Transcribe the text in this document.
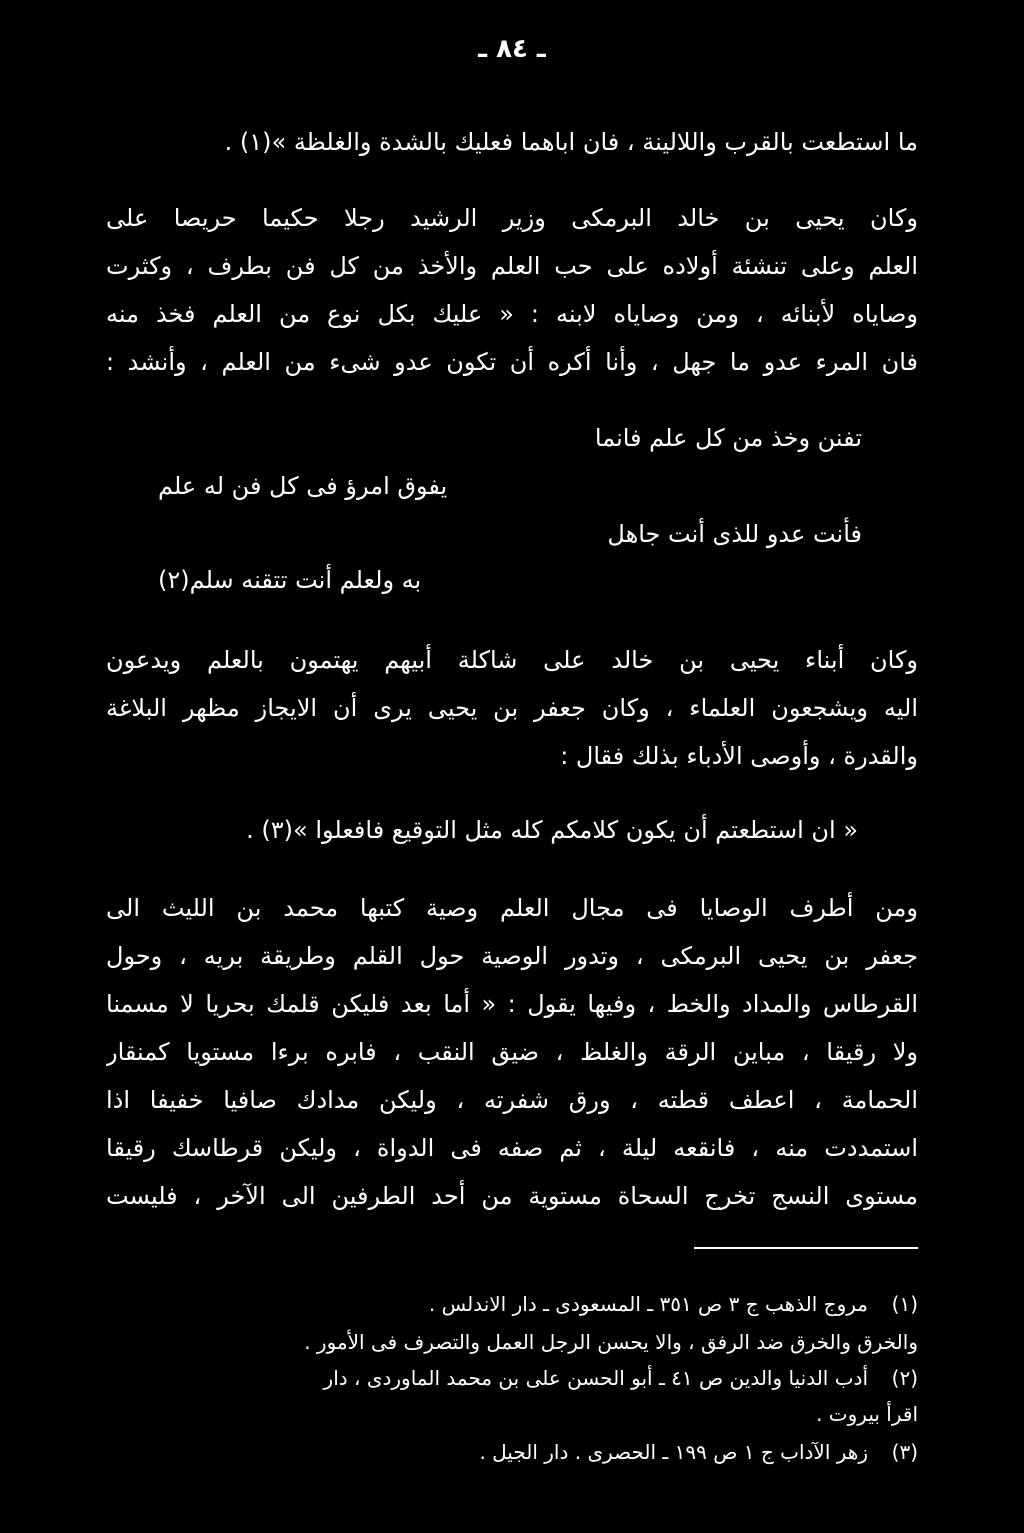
ـ ٨٤ ـ
ما استطعت بالقرب واللالينة ، فان اباهما فعليك بالشدة والغلظة »(١) .
وكان يحيى بن خالد البرمكى وزير الرشيد رجلا حكيما حريصا على
العلم وعلى تنشئة أولاده على حب العلم والأخذ من كل فن بطرف ، وكثرت
وصاياه لأبنائه ، ومن وصاياه لابنه : « عليك بكل نوع من العلم فخذ منه
فان المرء عدو ما جهل ، وأنا أكره أن تكون عدو شىء من العلم ، وأنشد :
تفنن وخذ من كل علم فانما
يفوق امرؤ فى كل فن له علم
فأنت عدو للذى أنت جاهل
به ولعلم أنت تتقنه سلم(٢)
وكان أبناء يحيى بن خالد على شاكلة أبيهم يهتمون بالعلم ويدعون
اليه ويشجعون العلماء ، وكان جعفر بن يحيى يرى أن الايجاز مظهر البلاغة
والقدرة ، وأوصى الأدباء بذلك فقال :
« ان استطعتم أن يكون كلامكم كله مثل التوقيع فافعلوا »(٣) .
ومن أطرف الوصايا فى مجال العلم وصية كتبها محمد بن الليث الى
جعفر بن يحيى البرمكى ، وتدور الوصية حول القلم وطريقة بريه ، وحول
القرطاس والمداد والخط ، وفيها يقول : « أما بعد فليكن قلمك بحريا لا مسمنا
ولا رقيقا ، مباين الرقة والغلظ ، ضيق النقب ، فابره برءا مستويا كمنقار
الحمامة ، اعطف قطته ، ورق شفرته ، وليكن مدادك صافيا خفيفا اذا
استمددت منه ، فانقعه ليلة ، ثم صفه فى الدواة ، وليكن قرطاسك رقيقا
مستوى النسج تخرج السحاة مستوية من أحد الطرفين الى الآخر ، فليست
(١)
مروج الذهب ج ٣ ص ٣٥١ ـ المسعودى ـ دار الاندلس .
والخرق والخرق ضد الرفق ، والا يحسن الرجل العمل والتصرف فى الأمور .
(٢)
أدب الدنيا والدين ص ٤١ ـ أبو الحسن على بن محمد الماوردى ، دار
اقرأ بيروت .
(٣)
زهر الآداب ج ١ ص ١٩٩ ـ الحصرى . دار الجيل .
